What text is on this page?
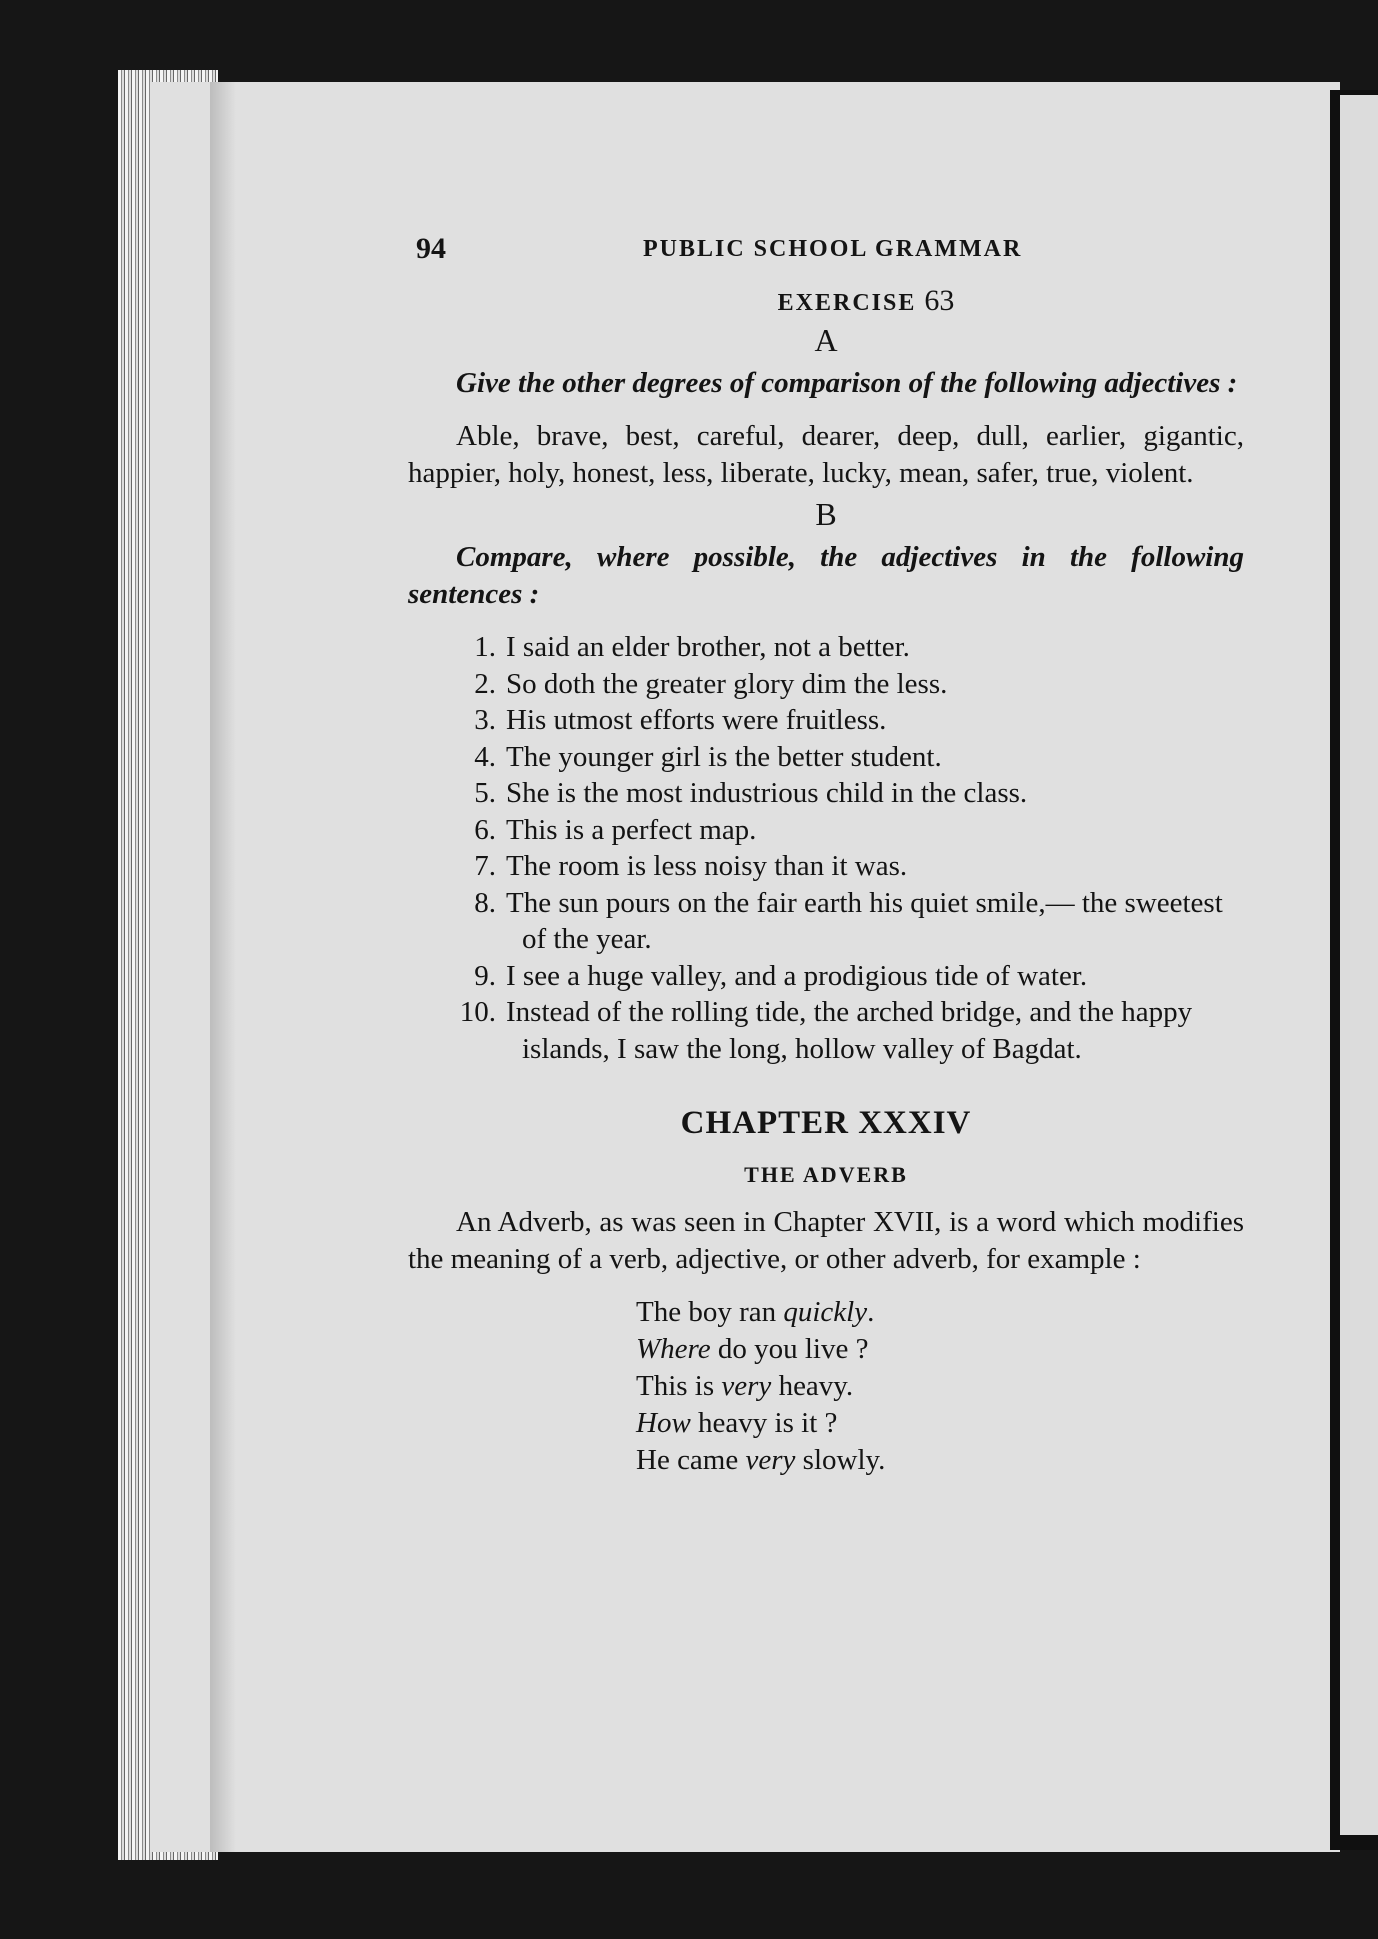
94	PUBLIC SCHOOL GRAMMAR
EXERCISE 63
A

Give the other degrees of comparison of the following adjectives :

Able, brave, best, careful, dearer, deep, dull, earlier, gigantic, happier, holy, honest, less, liberate, lucky, mean, safer, true, violent.

B

Compare, where possible, the adjectives in the following sentences :

1. I said an elder brother, not a better.
2. So doth the greater glory dim the less.
3. His utmost efforts were fruitless.
4. The younger girl is the better student.
5. She is the most industrious child in the class.
6. This is a perfect map.
7. The room is less noisy than it was.
8. The sun pours on the fair earth his quiet smile,— the sweetest of the year.
9. I see a huge valley, and a prodigious tide of water.
10. Instead of the rolling tide, the arched bridge, and the happy islands, I saw the long, hollow valley of Bagdat.
CHAPTER XXXIV
THE ADVERB

An Adverb, as was seen in Chapter XVII, is a word which modifies the meaning of a verb, adjective, or other adverb, for example :

The boy ran quickly.
Where do you live ?
This is very heavy.
How heavy is it ?
He came very slowly.
